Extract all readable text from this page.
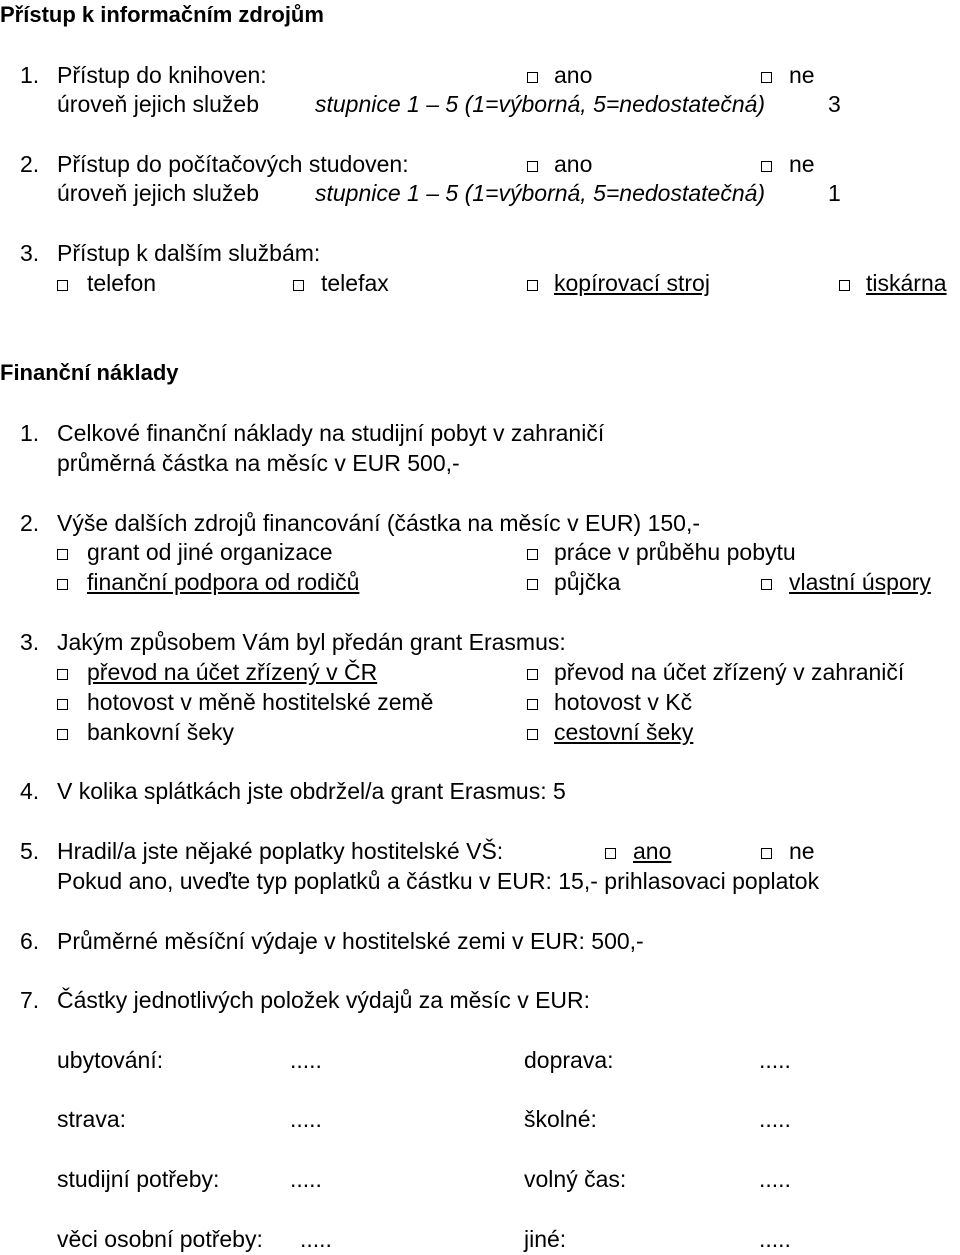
Přístup k informačním zdrojům
1. Přístup do knihoven:	ano	ne
úroveň jejich služeb stupnice 1 – 5 (1=výborná, 5=nedostatečná)	3
2. Přístup do počítačových studoven:	ano	ne
úroveň jejich služeb stupnice 1 – 5 (1=výborná, 5=nedostatečná)	1
3. Přístup k dalším službám:
telefon	telefax	kopírovací stroj	tiskárna
Finanční náklady
1. Celkové finanční náklady na studijní pobyt v zahraničí
průměrná částka na měsíc v EUR 500,-
2. Výše dalších zdrojů financování (částka na měsíc v EUR) 150,-
grant od jiné organizace	práce v průběhu pobytu
finanční podpora od rodičů	půjčka	vlastní úspory
3. Jakým způsobem Vám byl předán grant Erasmus:
převod na účet zřízený v ČR	převod na účet zřízený v zahraničí
hotovost v měně hostitelské země	hotovost v Kč
bankovní šeky	cestovní šeky
4. V kolika splátkách jste obdržel/a grant Erasmus: 5
5. Hradil/a jste nějaké poplatky hostitelské VŠ:	ano	ne
Pokud ano, uveďte typ poplatků a částku v EUR: 15,- prihlasovaci poplatok
6. Průměrné měsíční výdaje v hostitelské zemi v EUR: 500,-
7. Částky jednotlivých položek výdajů za měsíc v EUR:
ubytování:	.....	doprava:	.....
strava:	.....	školné:	.....
studijní potřeby:	.....	volný čas:	.....
věci osobní potřeby: .....	jiné:	.....
